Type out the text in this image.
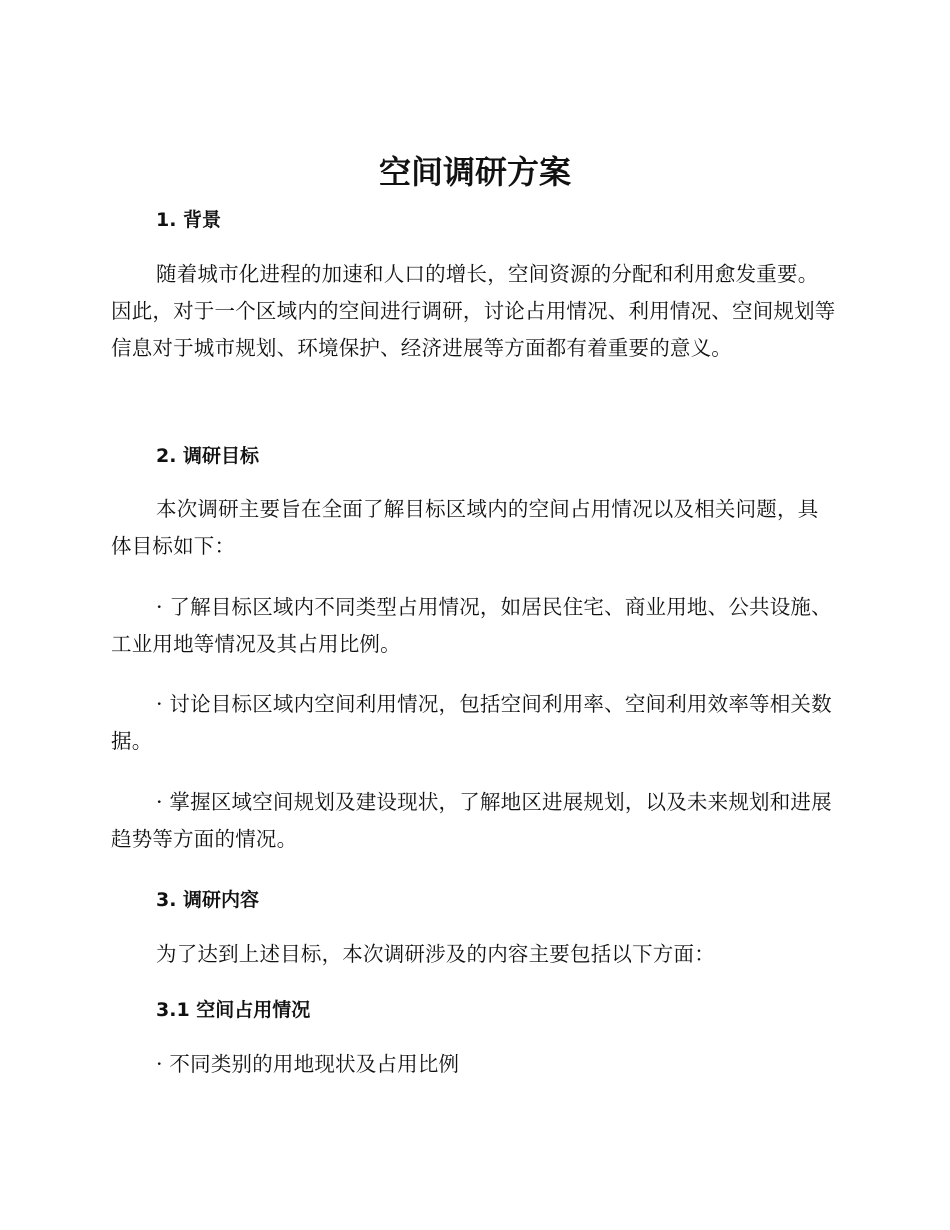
空间调研方案
1. 背景

随着城市化进程的加速和人口的增长，空间资源的分配和利用愈发重要。因此，对于一个区域内的空间进行调研，讨论占用情况、利用情况、空间规划等信息对于城市规划、环境保护、经济进展等方面都有着重要的意义。

2. 调研目标

本次调研主要旨在全面了解目标区域内的空间占用情况以及相关问题，具体目标如下：

· 了解目标区域内不同类型占用情况，如居民住宅、商业用地、公共设施、工业用地等情况及其占用比例。

· 讨论目标区域内空间利用情况，包括空间利用率、空间利用效率等相关数据。

· 掌握区域空间规划及建设现状，了解地区进展规划，以及未来规划和进展趋势等方面的情况。

3. 调研内容

为了达到上述目标，本次调研涉及的内容主要包括以下方面：

3.1 空间占用情况

· 不同类别的用地现状及占用比例
